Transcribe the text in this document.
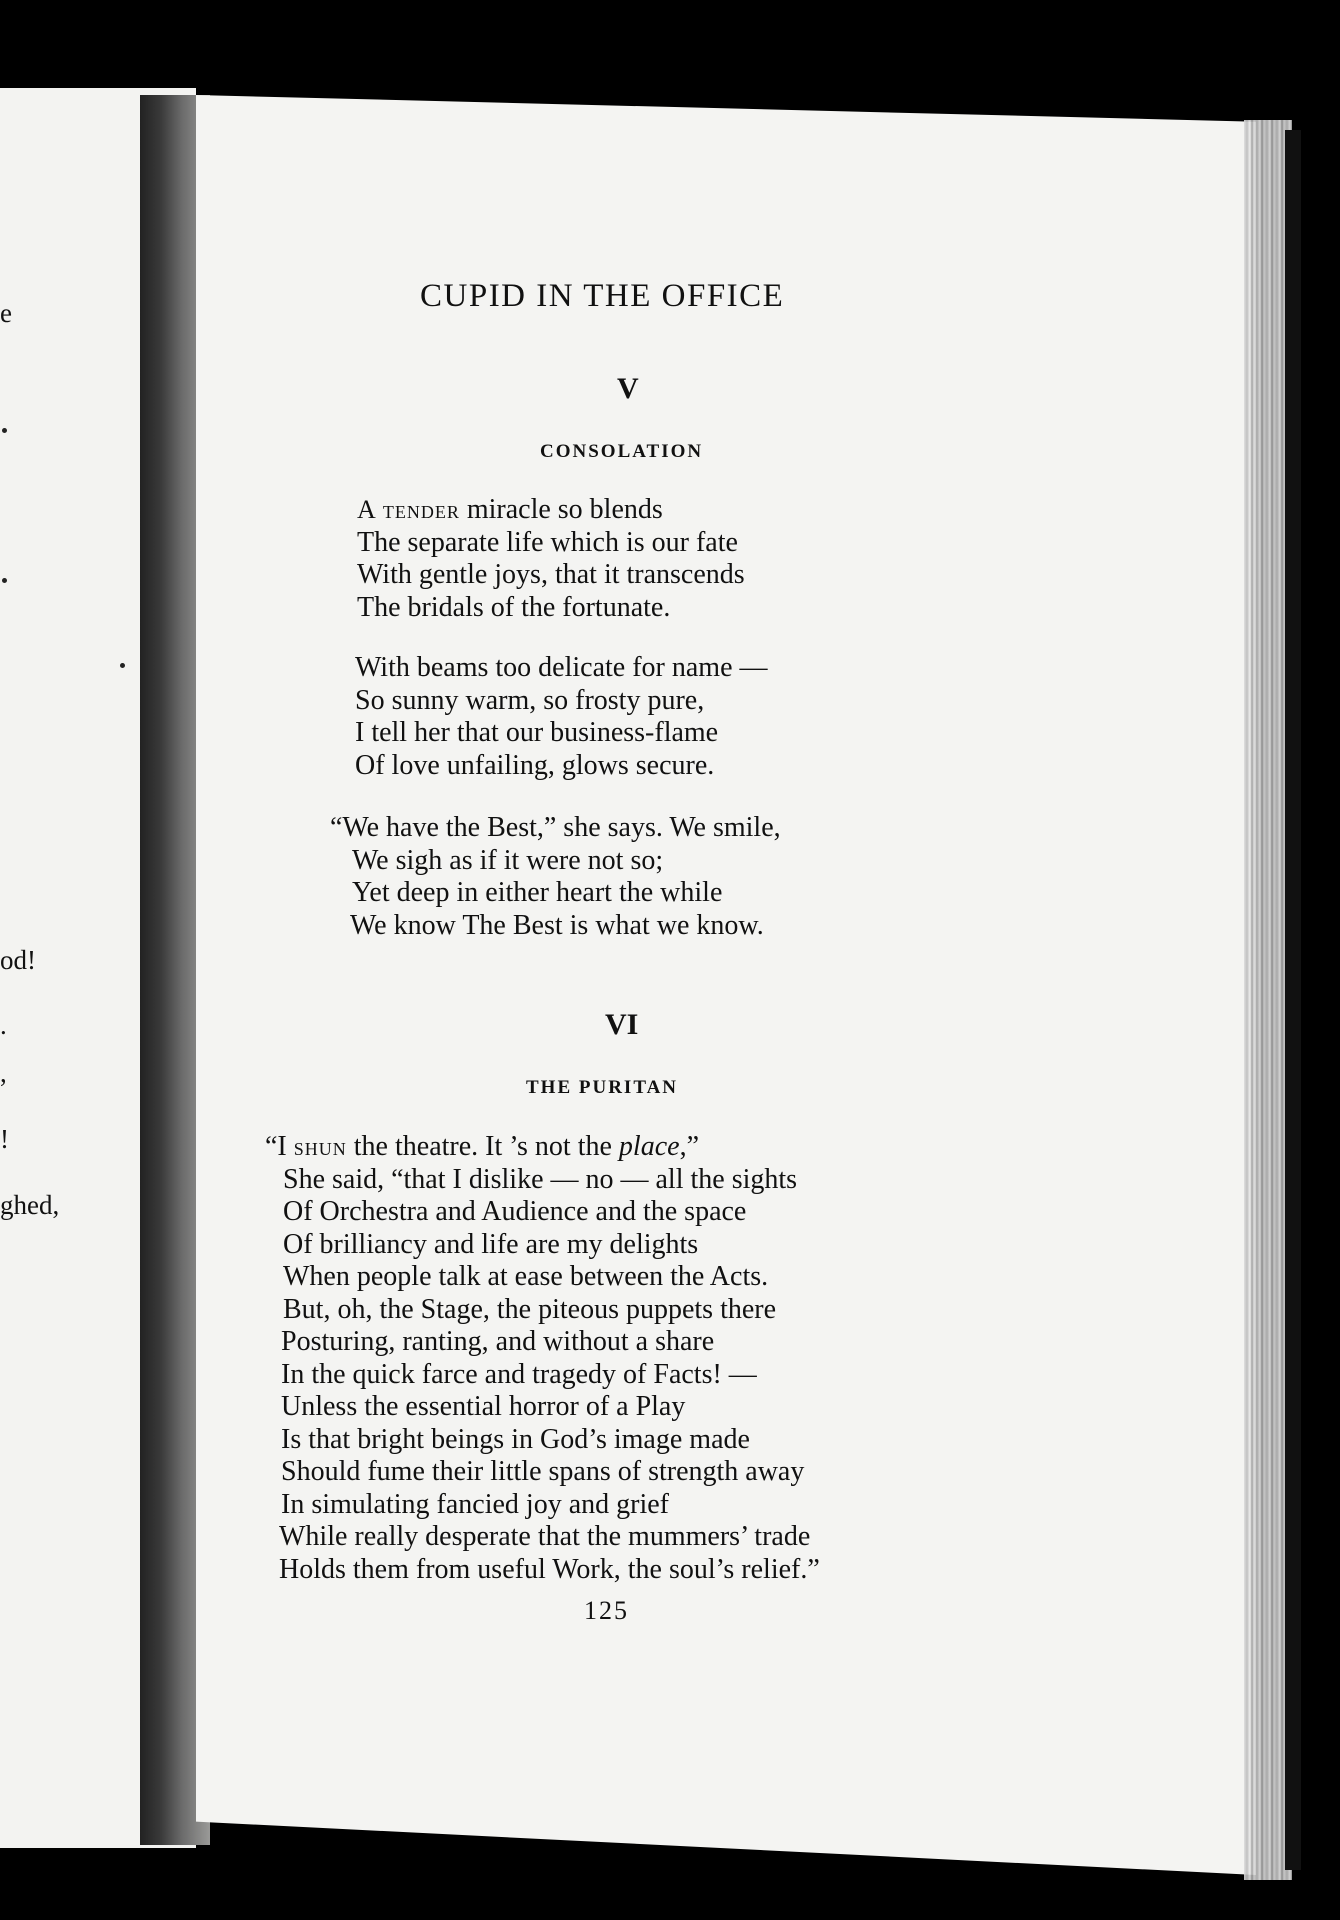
e
od!
.
,
!
ghed,
CUPID IN THE OFFICE
V
CONSOLATION
A tender miracle so blends
The separate life which is our fate
With gentle joys, that it transcends
The bridals of the fortunate.
With beams too delicate for name —
So sunny warm, so frosty pure,
I tell her that our business-flame
Of love unfailing, glows secure.
“We have the Best,” she says. We smile,
We sigh as if it were not so;
Yet deep in either heart the while
We know The Best is what we know.
VI
THE PURITAN
“I shun the theatre. It ’s not the place,”
She said, “that I dislike — no — all the sights
Of Orchestra and Audience and the space
Of brilliancy and life are my delights
When people talk at ease between the Acts.
But, oh, the Stage, the piteous puppets there
Posturing, ranting, and without a share
In the quick farce and tragedy of Facts! —
Unless the essential horror of a Play
Is that bright beings in God’s image made
Should fume their little spans of strength away
In simulating fancied joy and grief
While really desperate that the mummers’ trade
Holds them from useful Work, the soul’s relief.”
125
